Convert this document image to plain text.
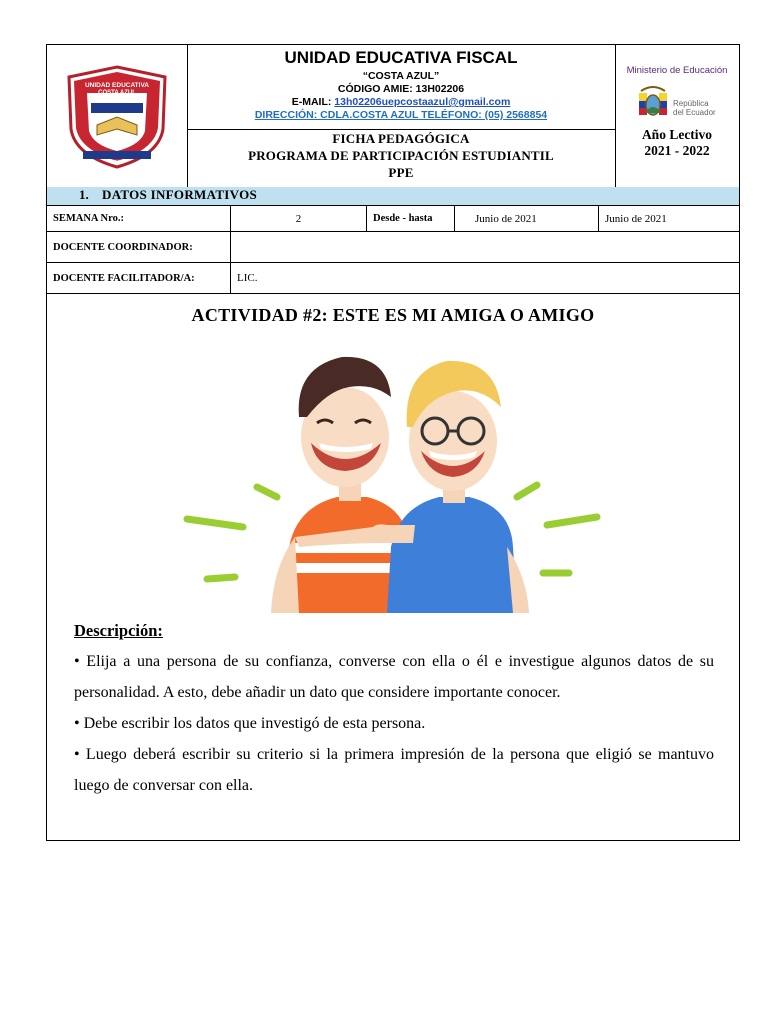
UNIDAD EDUCATIVA
COSTA AZUL
2016
UNIDAD EDUCATIVA FISCAL
“COSTA AZUL”
CÓDIGO AMIE: 13H02206
E-MAIL: 13h02206uepcostaazul@gmail.com
DIRECCIÓN: CDLA.COSTA AZUL TELÉFONO: (05) 2568854
FICHA PEDAGÓGICA
PROGRAMA DE PARTICIPACIÓN ESTUDIANTIL
PPE
Ministerio de Educación
República
del Ecuador
Año Lectivo
2021 - 2022
1. DATOS INFORMATIVOS
SEMANA Nro.:	2	Desde - hasta	Junio de 2021	Junio de 2021
DOCENTE COORDINADOR:
DOCENTE FACILITADOR/A:	LIC.
ACTIVIDAD #2: ESTE ES MI AMIGA O AMIGO
Descripción:

• Elija a una persona de su confianza, converse con ella o él e investigue algunos datos de su personalidad. A esto, debe añadir un dato que considere importante conocer.

• Debe escribir los datos que investigó de esta persona.

• Luego deberá escribir su criterio si la primera impresión de la persona que eligió se mantuvo luego de conversar con ella.
